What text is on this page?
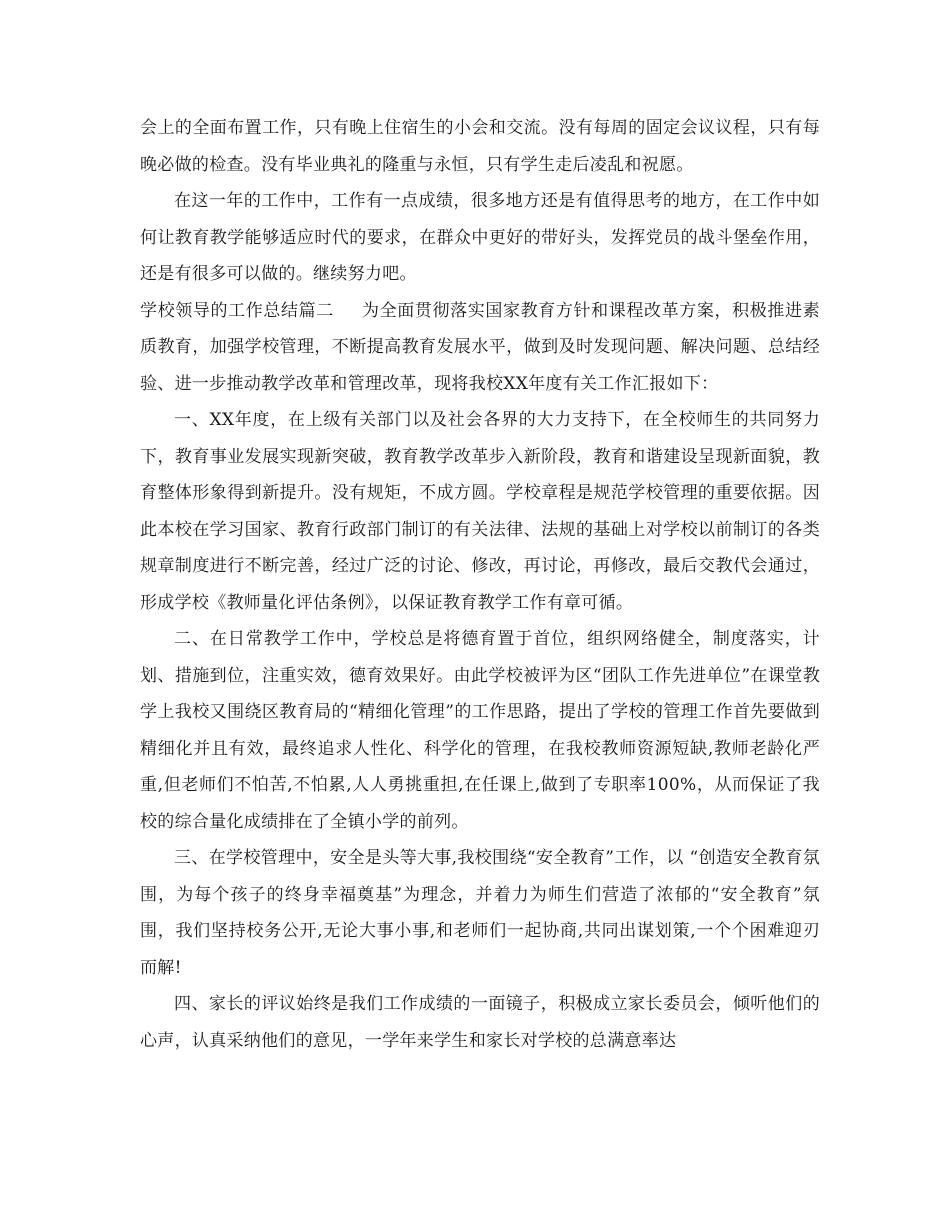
会上的全面布置工作，只有晚上住宿生的小会和交流。没有每周的固定会议议程，只有每晚必做的检查。没有毕业典礼的隆重与永恒，只有学生走后凌乱和祝愿。

在这一年的工作中，工作有一点成绩，很多地方还是有值得思考的地方，在工作中如何让教育教学能够适应时代的要求，在群众中更好的带好头，发挥党员的战斗堡垒作用，还是有很多可以做的。继续努力吧。

学校领导的工作总结篇二 为全面贯彻落实国家教育方针和课程改革方案，积极推进素质教育，加强学校管理，不断提高教育发展水平，做到及时发现问题、解决问题、总结经验、进一步推动教学改革和管理改革，现将我校XX年度有关工作汇报如下：

一、XX年度，在上级有关部门以及社会各界的大力支持下，在全校师生的共同努力下，教育事业发展实现新突破，教育教学改革步入新阶段，教育和谐建设呈现新面貌，教育整体形象得到新提升。没有规矩，不成方圆。学校章程是规范学校管理的重要依据。因此本校在学习国家、教育行政部门制订的有关法律、法规的基础上对学校以前制订的各类规章制度进行不断完善，经过广泛的讨论、修改，再讨论，再修改，最后交教代会通过，形成学校《教师量化评估条例》，以保证教育教学工作有章可循。

二、在日常教学工作中，学校总是将德育置于首位，组织网络健全，制度落实，计划、措施到位，注重实效，德育效果好。由此学校被评为区“团队工作先进单位”在课堂教学上我校又围绕区教育局的“精细化管理”的工作思路，提出了学校的管理工作首先要做到精细化并且有效，最终追求人性化、科学化的管理，在我校教师资源短缺,教师老龄化严重,但老师们不怕苦,不怕累,人人勇挑重担,在任课上,做到了专职率100%，从而保证了我校的综合量化成绩排在了全镇小学的前列。

三、在学校管理中，安全是头等大事,我校围绕“安全教育”工作，以 “创造安全教育氛围，为每个孩子的终身幸福奠基”为理念，并着力为师生们营造了浓郁的“安全教育”氛围，我们坚持校务公开,无论大事小事,和老师们一起协商,共同出谋划策,一个个困难迎刃而解!

四、家长的评议始终是我们工作成绩的一面镜子，积极成立家长委员会，倾听他们的心声，认真采纳他们的意见，一学年来学生和家长对学校的总满意率达
